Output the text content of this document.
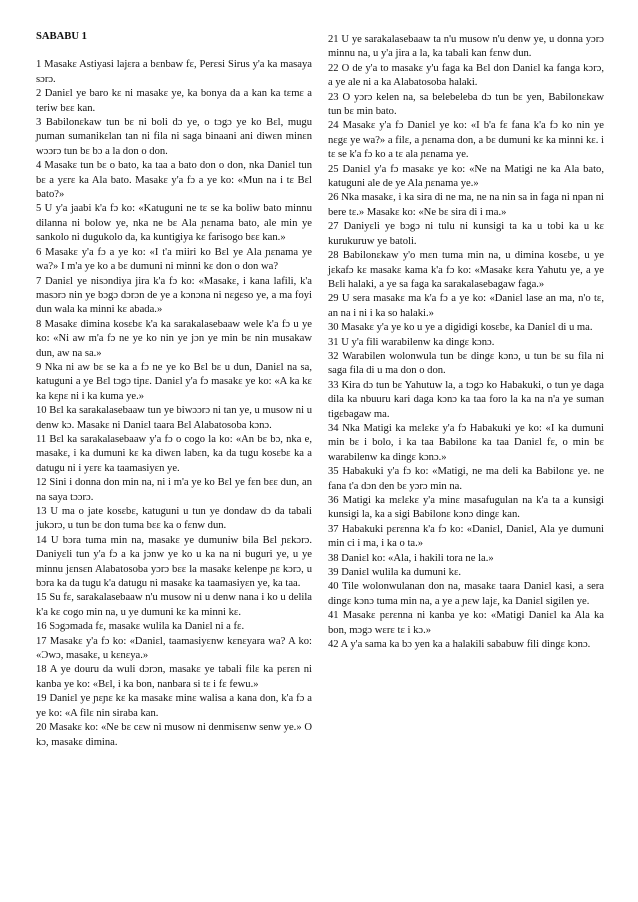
SABABU 1

1 Masakɛ Astiyasi lajɛra a bɛnbaw fɛ, Perɛsi Sirus y'a ka masaya sɔrɔ.

2 Daniɛl ye baro kɛ ni masakɛ ye, ka bonya da a kan ka tɛmɛ a teriw bɛɛ kan.

3 Babilonɛkaw tun bɛ ni boli dɔ ye, o tɔgɔ ye ko Bɛl, mugu ɲuman sumanikɛlan tan ni fila ni saga binaani ani diwɛn minɛn wɔɔrɔ tun bɛ bɔ a la don o don.

4 Masakɛ tun bɛ o bato, ka taa a bato don o don, nka Daniɛl tun bɛ a yɛrɛ ka Ala bato. Masakɛ y'a fɔ a ye ko: «Mun na i tɛ Bɛl bato?»

5 U y'a jaabi k'a fɔ ko: «Katuguni ne tɛ se ka boliw bato minnu dilanna ni bolow ye, nka ne bɛ Ala ɲɛnama bato, ale min ye sankolo ni dugukolo da, ka kuntigiya kɛ farisogo bɛɛ kan.»

6 Masakɛ y'a fɔ a ye ko: «I t'a miiri ko Bɛl ye Ala ɲɛnama ye wa?» I m'a ye ko a bɛ dumuni ni minni kɛ don o don wa?

7 Daniɛl ye nisɔndiya jira k'a fɔ ko: «Masakɛ, i kana lafili, k'a masɔrɔ nin ye bɔgɔ dɔrɔn de ye a kɔnɔna ni nɛgɛso ye, a ma foyi dun wala ka minni kɛ abada.»

8 Masakɛ dimina kosɛbɛ k'a ka sarakalasebaaw wele k'a fɔ u ye ko: «Ni aw m'a fɔ ne ye ko nin ye jɔn ye min bɛ nin musakaw dun, aw na sa.»

9 Nka ni aw bɛ se ka a fɔ ne ye ko Bɛl bɛ u dun, Daniɛl na sa, katuguni a ye Bɛl tɔgɔ tiɲɛ. Daniɛl y'a fɔ masakɛ ye ko: «A ka kɛ ka kɛɲɛ ni i ka kuma ye.»

10 Bɛl ka sarakalasebaaw tun ye biwɔɔrɔ ni tan ye, u musow ni u denw kɔ. Masakɛ ni Daniɛl taara Bɛl Alabatosoba kɔnɔ.

11 Bɛl ka sarakalasebaaw y'a fɔ o cogo la ko: «An bɛ bɔ, nka e, masakɛ, i ka dumuni kɛ ka diwɛn labɛn, ka da tugu kosɛbɛ ka a datugu ni i yɛrɛ ka taamasiyɛn ye.

12 Sini i donna don min na, ni i m'a ye ko Bɛl ye fɛn bɛɛ dun, an na saya tɔɔrɔ.

13 U ma o jate kosɛbɛ, katuguni u tun ye dondaw dɔ da tabali jukɔrɔ, u tun bɛ don tuma bɛɛ ka o fɛnw dun.

14 U bɔra tuma min na, masakɛ ye dumuniw bila Bɛl ɲɛkɔrɔ. Daniyɛli tun y'a fɔ a ka jɔnw ye ko u ka na ni buguri ye, u ye minnu jɛnsɛn Alabatosoba yɔrɔ bɛɛ la masakɛ kelenpe ɲɛ kɔrɔ, u bɔra ka da tugu k'a datugu ni masakɛ ka taamasiyɛn ye, ka taa.

15 Su fɛ, sarakalasebaaw n'u musow ni u denw nana i ko u delila k'a kɛ cogo min na, u ye dumuni kɛ ka minni kɛ.

16 Sɔgɔmada fɛ, masakɛ wulila ka Daniɛl ni a fɛ.

17 Masakɛ y'a fɔ ko: «Daniɛl, taamasiyɛnw kɛnɛyara wa? A ko: «Ɔwɔ, masakɛ, u kɛnɛya.»

18 A ye douru da wuli dɔrɔn, masakɛ ye tabali filɛ ka pɛrɛn ni kanba ye ko: «Bɛl, i ka bon, nanbara si tɛ i fɛ fewu.»

19 Daniɛl ye ɲɛɲɛ kɛ ka masakɛ minɛ walisa a kana don, k'a fɔ a ye ko: «A filɛ nin siraba kan.

20 Masakɛ ko: «Ne bɛ cɛw ni musow ni denmisɛnw senw ye.» O kɔ, masakɛ dimina.

21 U ye sarakalasebaaw ta n'u musow n'u denw ye, u donna yɔrɔ minnu na, u y'a jira a la, ka tabali kan fɛnw dun.

22 O de y'a to masakɛ y'u faga ka Bɛl don Daniɛl ka fanga kɔrɔ, a ye ale ni a ka Alabatosoba halaki.

23 O yɔrɔ kelen na, sa belebeleba dɔ tun bɛ yen, Babilonɛkaw tun bɛ min bato.

24 Masakɛ y'a fɔ Daniɛl ye ko: «I b'a fɛ fana k'a fɔ ko nin ye nɛgɛ ye wa?» a filɛ, a ɲɛnama don, a bɛ dumuni kɛ ka minni kɛ. i tɛ se k'a fɔ ko a tɛ ala ɲɛnama ye.

25 Daniɛl y'a fɔ masakɛ ye ko: «Ne na Matigi ne ka Ala bato, katuguni ale de ye Ala ɲɛnama ye.»

26 Nka masakɛ, i ka sira di ne ma, ne na nin sa in faga ni npan ni bere tɛ.» Masakɛ ko: «Ne bɛ sira di i ma.»

27 Daniyɛli ye bɔgɔ ni tulu ni kunsigi ta ka u tobi ka u kɛ kurukuruw ye batoli.

28 Babilonɛkaw y'o mɛn tuma min na, u dimina kosɛbɛ, u ye jɛkafɔ kɛ masakɛ kama k'a fɔ ko: «Masakɛ kɛra Yahutu ye, a ye Bɛli halaki, a ye sa faga ka sarakalasebagaw faga.»

29 U sera masakɛ ma k'a fɔ a ye ko: «Daniɛl lase an ma, n'o tɛ, an na i ni i ka so halaki.»

30 Masakɛ y'a ye ko u ye a digidigi kosɛbɛ, ka Daniɛl di u ma.

31 U y'a fili warabilenw ka dingɛ kɔnɔ.

32 Warabilen wolonwula tun bɛ dingɛ kɔnɔ, u tun bɛ su fila ni saga fila di u ma don o don.

33 Kira dɔ tun bɛ Yahutuw la, a tɔgɔ ko Habakuki, o tun ye daga dila ka nbuuru kari daga kɔnɔ ka taa foro la ka na n'a ye suman tigɛbagaw ma.

34 Nka Matigi ka mɛlɛkɛ y'a fɔ Habakuki ye ko: «I ka dumuni min bɛ i bolo, i ka taa Babilonɛ ka taa Daniɛl fɛ, o min bɛ warabilenw ka dingɛ kɔnɔ.»

35 Habakuki y'a fɔ ko: «Matigi, ne ma deli ka Babilonɛ ye. ne fana t'a dɔn den bɛ yɔrɔ min na.

36 Matigi ka mɛlɛkɛ y'a minɛ masafugulan na k'a ta a kunsigi kunsigi la, ka a sigi Babilonɛ kɔnɔ dingɛ kan.

37 Habakuki pɛrɛnna k'a fɔ ko: «Daniɛl, Daniɛl, Ala ye dumuni min ci i ma, i ka o ta.»

38 Daniɛl ko: «Ala, i hakili tora ne la.»

39 Daniɛl wulila ka dumuni kɛ.

40 Tile wolonwulanan don na, masakɛ taara Daniɛl kasi, a sera dingɛ kɔnɔ tuma min na, a ye a ɲɛw lajɛ, ka Daniɛl sigilen ye.

41 Masakɛ pɛrɛnna ni kanba ye ko: «Matigi Daniɛl ka Ala ka bon, mɔgɔ wɛrɛ tɛ i kɔ.»

42 A y'a sama ka bɔ yen ka a halakili sababuw fili dingɛ kɔnɔ.
